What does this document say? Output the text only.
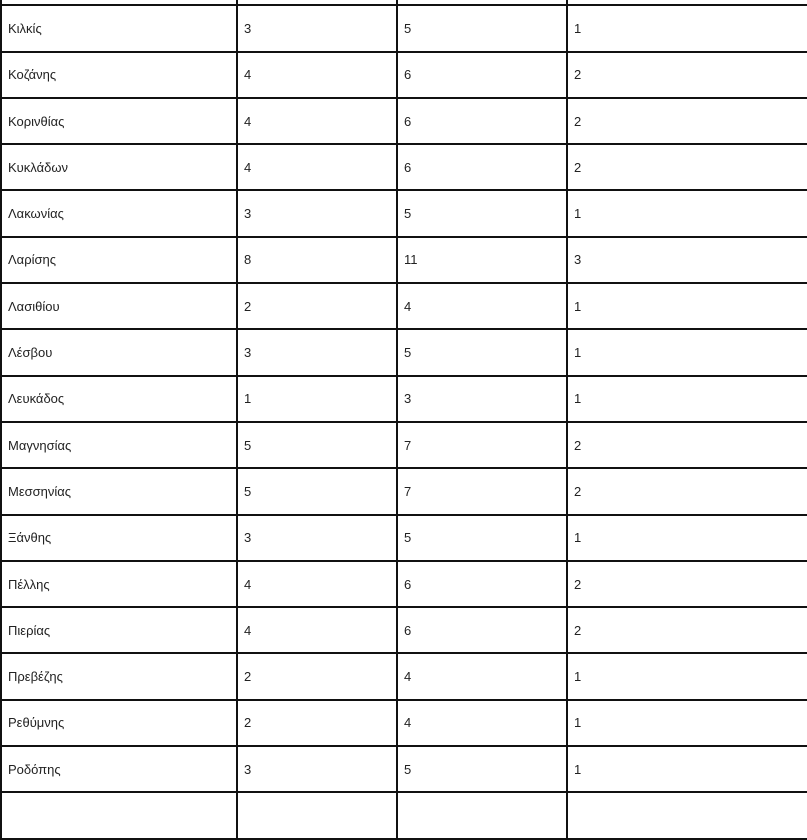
Κιλκίς	3	5	1
Κοζάνης	4	6	2
Κορινθίας	4	6	2
Κυκλάδων	4	6	2
Λακωνίας	3	5	1
Λαρίσης	8	11	3
Λασιθίου	2	4	1
Λέσβου	3	5	1
Λευκάδος	1	3	1
Μαγνησίας	5	7	2
Μεσσηνίας	5	7	2
Ξάνθης	3	5	1
Πέλλης	4	6	2
Πιερίας	4	6	2
Πρεβέζης	2	4	1
Ρεθύμνης	2	4	1
Ροδόπης	3	5	1
